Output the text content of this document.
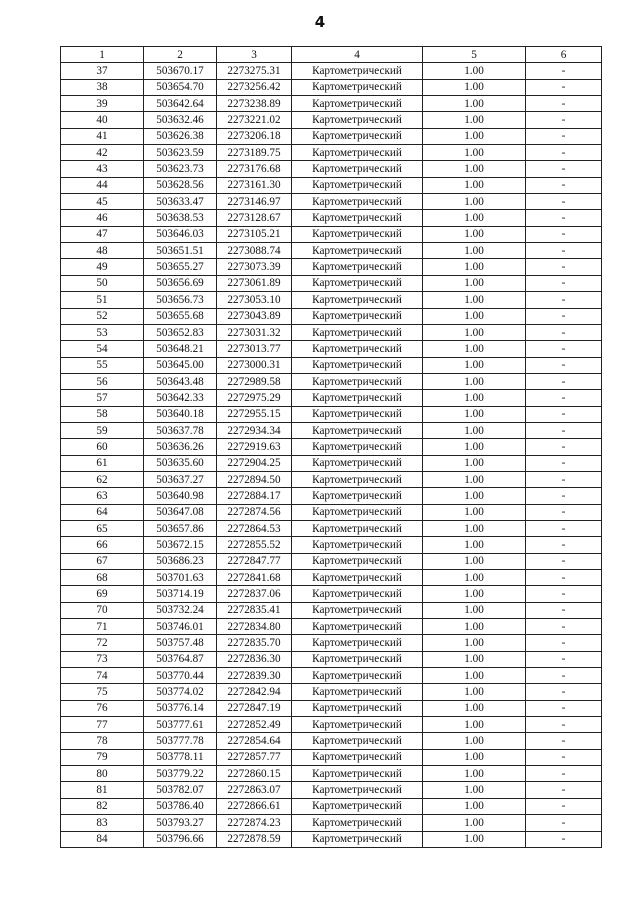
4
1	2	3	4	5	6
37	503670.17	2273275.31	Картометрический	1.00	-
38	503654.70	2273256.42	Картометрический	1.00	-
39	503642.64	2273238.89	Картометрический	1.00	-
40	503632.46	2273221.02	Картометрический	1.00	-
41	503626.38	2273206.18	Картометрический	1.00	-
42	503623.59	2273189.75	Картометрический	1.00	-
43	503623.73	2273176.68	Картометрический	1.00	-
44	503628.56	2273161.30	Картометрический	1.00	-
45	503633.47	2273146.97	Картометрический	1.00	-
46	503638.53	2273128.67	Картометрический	1.00	-
47	503646.03	2273105.21	Картометрический	1.00	-
48	503651.51	2273088.74	Картометрический	1.00	-
49	503655.27	2273073.39	Картометрический	1.00	-
50	503656.69	2273061.89	Картометрический	1.00	-
51	503656.73	2273053.10	Картометрический	1.00	-
52	503655.68	2273043.89	Картометрический	1.00	-
53	503652.83	2273031.32	Картометрический	1.00	-
54	503648.21	2273013.77	Картометрический	1.00	-
55	503645.00	2273000.31	Картометрический	1.00	-
56	503643.48	2272989.58	Картометрический	1.00	-
57	503642.33	2272975.29	Картометрический	1.00	-
58	503640.18	2272955.15	Картометрический	1.00	-
59	503637.78	2272934.34	Картометрический	1.00	-
60	503636.26	2272919.63	Картометрический	1.00	-
61	503635.60	2272904.25	Картометрический	1.00	-
62	503637.27	2272894.50	Картометрический	1.00	-
63	503640.98	2272884.17	Картометрический	1.00	-
64	503647.08	2272874.56	Картометрический	1.00	-
65	503657.86	2272864.53	Картометрический	1.00	-
66	503672.15	2272855.52	Картометрический	1.00	-
67	503686.23	2272847.77	Картометрический	1.00	-
68	503701.63	2272841.68	Картометрический	1.00	-
69	503714.19	2272837.06	Картометрический	1.00	-
70	503732.24	2272835.41	Картометрический	1.00	-
71	503746.01	2272834.80	Картометрический	1.00	-
72	503757.48	2272835.70	Картометрический	1.00	-
73	503764.87	2272836.30	Картометрический	1.00	-
74	503770.44	2272839.30	Картометрический	1.00	-
75	503774.02	2272842.94	Картометрический	1.00	-
76	503776.14	2272847.19	Картометрический	1.00	-
77	503777.61	2272852.49	Картометрический	1.00	-
78	503777.78	2272854.64	Картометрический	1.00	-
79	503778.11	2272857.77	Картометрический	1.00	-
80	503779.22	2272860.15	Картометрический	1.00	-
81	503782.07	2272863.07	Картометрический	1.00	-
82	503786.40	2272866.61	Картометрический	1.00	-
83	503793.27	2272874.23	Картометрический	1.00	-
84	503796.66	2272878.59	Картометрический	1.00	-
